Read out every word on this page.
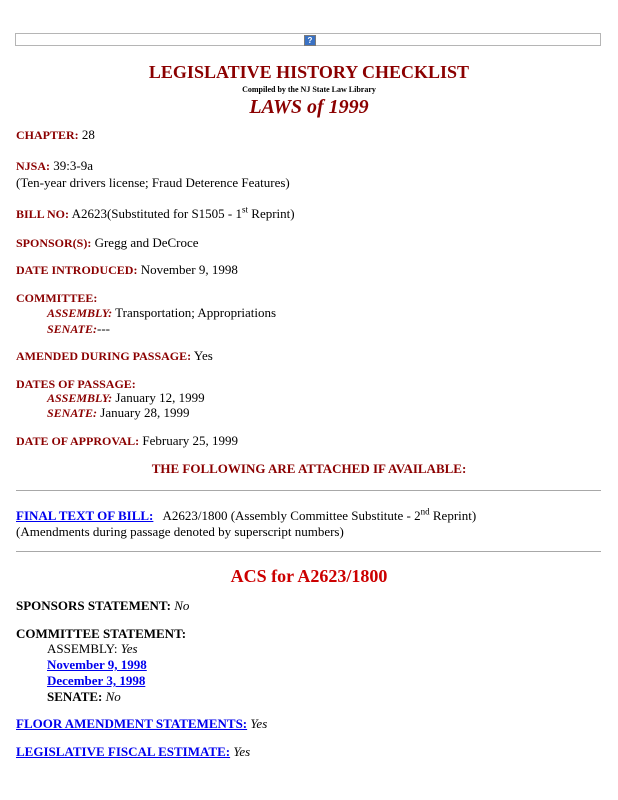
?
LEGISLATIVE HISTORY CHECKLIST
Compiled by the NJ State Law Library
LAWS of 1999
CHAPTER: 28
NJSA: 39:3-9a
(Ten-year drivers license; Fraud Deterence Features)
BILL NO: A2623(Substituted for S1505 - 1st Reprint)
SPONSOR(S): Gregg and DeCroce
DATE INTRODUCED: November 9, 1998
COMMITTEE:
ASSEMBLY: Transportation; Appropriations
SENATE:---
AMENDED DURING PASSAGE: Yes
DATES OF PASSAGE:
ASSEMBLY: January 12, 1999
SENATE: January 28, 1999
DATE OF APPROVAL: February 25, 1999
THE FOLLOWING ARE ATTACHED IF AVAILABLE:
FINAL TEXT OF BILL: A2623/1800 (Assembly Committee Substitute - 2nd Reprint)
(Amendments during passage denoted by superscript numbers)
ACS for A2623/1800
SPONSORS STATEMENT: No
COMMITTEE STATEMENT:
ASSEMBLY: Yes
November 9, 1998
December 3, 1998
SENATE: No
FLOOR AMENDMENT STATEMENTS: Yes
LEGISLATIVE FISCAL ESTIMATE: Yes
